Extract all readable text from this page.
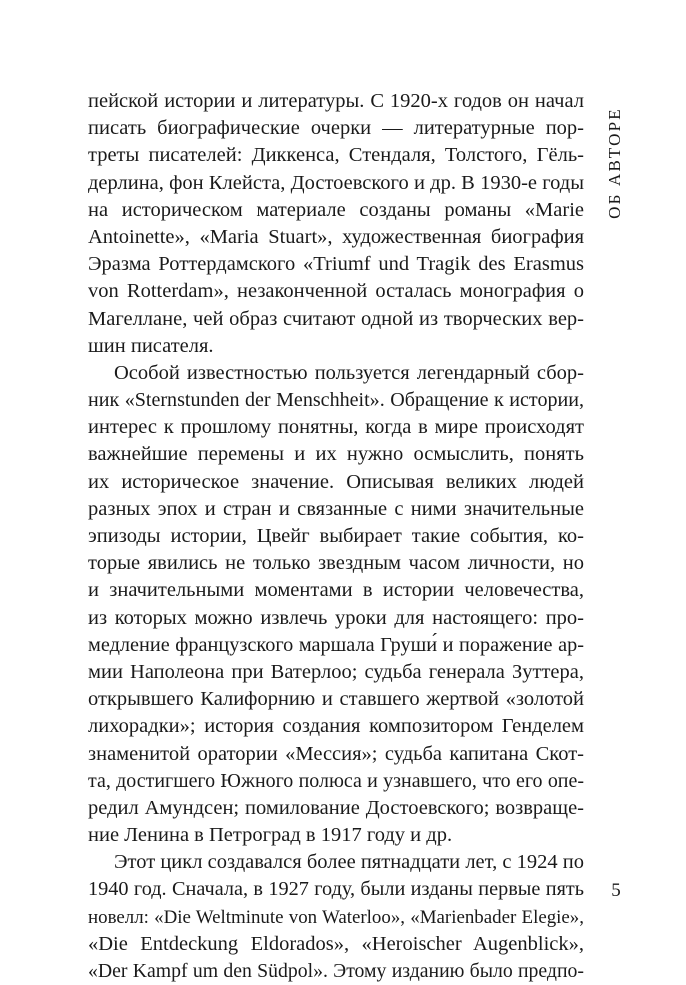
пейской истории и литературы. С 1920-х годов он начал
писать биографические очерки — литературные пор-
треты писателей: Диккенса, Стендаля, Толстого, Гёль-
дерлина, фон Клейста, Достоевского и др. В 1930-е годы
на историческом материале созданы романы «Marie
Antoinette», «Maria Stuart», художественная биография
Эразма Роттердамского «Triumf und Tragik des Erasmus
von Rotterdam», незаконченной осталась монография о
Магеллане, чей образ считают одной из творческих вер-
шин писателя.
Особой известностью пользуется легендарный сбор-
ник «Sternstunden der Menschheit». Обращение к истории,
интерес к прошлому понятны, когда в мире происходят
важнейшие перемены и их нужно осмыслить, понять
их историческое значение. Описывая великих людей
разных эпох и стран и связанные с ними значительные
эпизоды истории, Цвейг выбирает такие события, ко-
торые явились не только звездным часом личности, но
и значительными моментами в истории человечества,
из которых можно извлечь уроки для настоящего: про-
медление французского маршала Груши́ и поражение ар-
мии Наполеона при Ватерлоо; судьба генерала Зуттера,
открывшего Калифорнию и ставшего жертвой «золотой
лихорадки»; история создания композитором Генделем
знаменитой оратории «Мессия»; судьба капитана Скот-
та, достигшего Южного полюса и узнавшего, что его опе-
редил Амундсен; помилование Достоевского; возвраще-
ние Ленина в Петроград в 1917 году и др.
Этот цикл создавался более пятнадцати лет, с 1924 по
1940 год. Сначала, в 1927 году, были изданы первые пять
новелл: «Die Weltminute von Waterloo», «Marienbader Elegie»,
«Die Entdeckung Eldorados», «Heroischer Augenblick»,
«Der Kampf um den Südpol». Этому изданию было предпо-
ОБ АВТОРЕ
5
